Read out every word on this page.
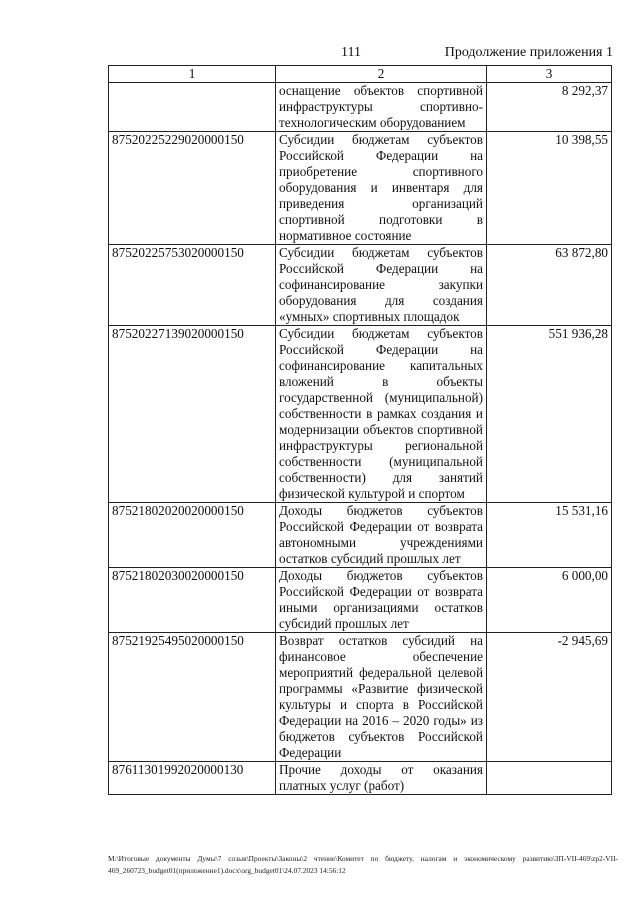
111	Продолжение приложения 1
1	2	3
	оснащение объектов спортивной инфраструктуры спортивно-технологическим оборудованием	8 292,37
87520225229020000150	Субсидии бюджетам субъектов Российской Федерации на приобретение спортивного оборудования и инвентаря для приведения организаций спортивной подготовки в нормативное состояние	10 398,55
87520225753020000150	Субсидии бюджетам субъектов Российской Федерации на софинансирование закупки оборудования для создания «умных» спортивных площадок	63 872,80
87520227139020000150	Субсидии бюджетам субъектов Российской Федерации на софинансирование капитальных вложений в объекты государственной (муниципальной) собственности в рамках создания и модернизации объектов спортивной инфраструктуры региональной собственности (муниципальной собственности) для занятий физической культурой и спортом	551 936,28
87521802020020000150	Доходы бюджетов субъектов Российской Федерации от возврата автономными учреждениями остатков субсидий прошлых лет	15 531,16
87521802030020000150	Доходы бюджетов субъектов Российской Федерации от возврата иными организациями остатков субсидий прошлых лет	6 000,00
87521925495020000150	Возврат остатков субсидий на финансовое обеспечение мероприятий федеральной целевой программы «Развитие физической культуры и спорта в Российской Федерации на 2016 – 2020 годы» из бюджетов субъектов Российской Федерации	-2 945,69
87611301992020000130	Прочие доходы от оказания платных услуг (работ)	
М:\Итоговые документы Думы\7 созыв\Проекты\Законы\2 чтение\Комитет по бюджету, налогам и экономическому развитию\ЗП-VII-469\zp2-VII-469_260723_budget01(приложение1).docx\org_budget01\24.07.2023 14:56:12
